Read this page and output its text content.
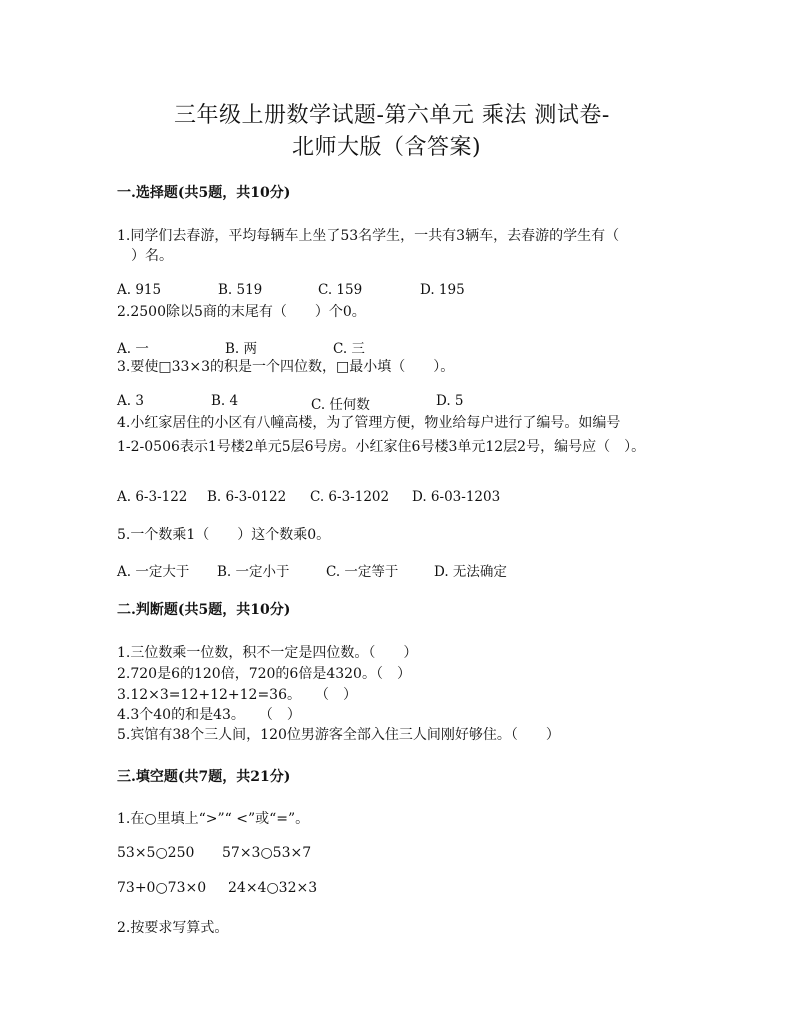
三年级上册数学试题-第六单元 乘法 测试卷-
北师大版（含答案)
一.选择题(共5题，共10分)
1.同学们去春游，平均每辆车上坐了53名学生，一共有3辆车，去春游的学生有（
　）名。
A. 915	B. 519	C. 159	D. 195
2.2500除以5商的末尾有（　　）个0。
A. 一	B. 两	C. 三
3.要使□33×3的积是一个四位数，□最小填（　　）。
A. 3	B. 4	C. 任何数	D. 5
4.小红家居住的小区有八幢高楼，为了管理方便，物业给每户进行了编号。如编号
1-2-0506表示1号楼2单元5层6号房。小红家住6号楼3单元12层2号，编号应（　）。
A. 6-3-122 B. 6-3-0122 C. 6-3-1202 D. 6-03-1203
5.一个数乘1（　　）这个数乘0。
A. 一定大于 B. 一定小于	C. 一定等于	D. 无法确定
二.判断题(共5题，共10分)
1.三位数乘一位数，积不一定是四位数。（　　）
2.720是6的120倍，720的6倍是4320。（　）
3.12×3=12+12+12=36。　　（　）
4.3个40的和是43。　　（　）
5.宾馆有38个三人间，120位男游客全部入住三人间刚好够住。（　　）
三.填空题(共7题，共21分)
1.在○里填上“>”“ <”或“=”。
53×5○250 57×3○53×7
73+0○73×0 24×4○32×3
2.按要求写算式。
